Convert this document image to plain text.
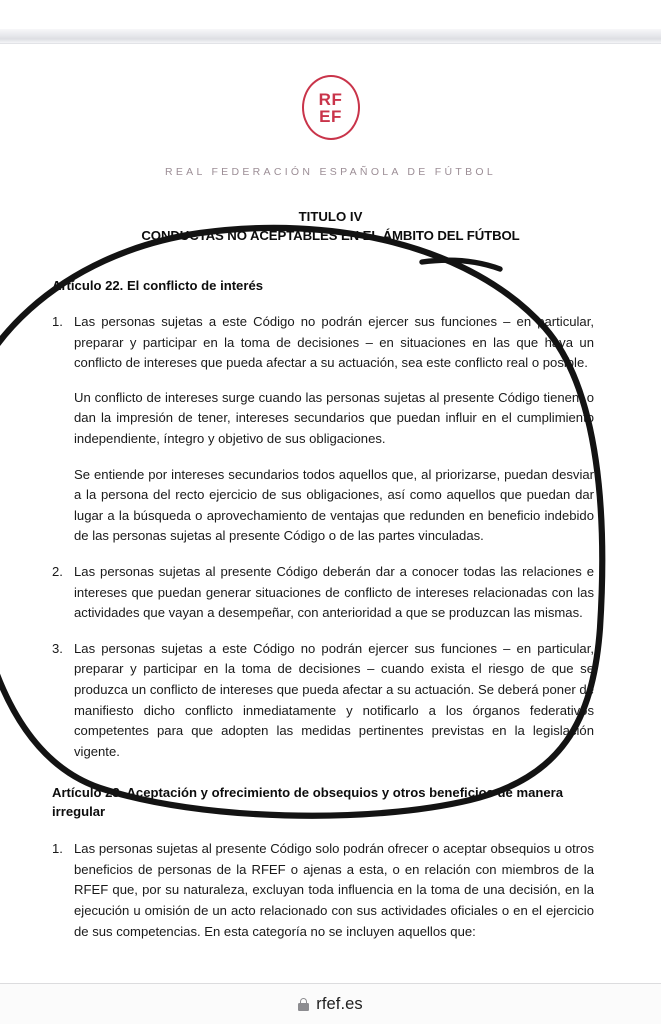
RF
EF
REAL FEDERACIÓN ESPAÑOLA DE FÚTBOL
TITULO IV
CONDUCTAS NO ACEPTABLES EN EL ÁMBITO DEL FÚTBOL
Artículo 22. El conflicto de interés
1. Las personas sujetas a este Código no podrán ejercer sus funciones – en particular, preparar y participar en la toma de decisiones – en situaciones en las que haya un conflicto de intereses que pueda afectar a su actuación, sea este conflicto real o posible.
Un conflicto de intereses surge cuando las personas sujetas al presente Código tienen, o dan la impresión de tener, intereses secundarios que puedan influir en el cumplimiento independiente, íntegro y objetivo de sus obligaciones.
Se entiende por intereses secundarios todos aquellos que, al priorizarse, puedan desviar a la persona del recto ejercicio de sus obligaciones, así como aquellos que puedan dar lugar a la búsqueda o aprovechamiento de ventajas que redunden en beneficio indebido de las personas sujetas al presente Código o de las partes vinculadas.
2. Las personas sujetas al presente Código deberán dar a conocer todas las relaciones e intereses que puedan generar situaciones de conflicto de intereses relacionadas con las actividades que vayan a desempeñar, con anterioridad a que se produzcan las mismas.
3. Las personas sujetas a este Código no podrán ejercer sus funciones – en particular, preparar y participar en la toma de decisiones – cuando exista el riesgo de que se produzca un conflicto de intereses que pueda afectar a su actuación. Se deberá poner de manifiesto dicho conflicto inmediatamente y notificarlo a los órganos federativos competentes para que adopten las medidas pertinentes previstas en la legislación vigente.
Artículo 23. Aceptación y ofrecimiento de obsequios y otros beneficios de manera irregular
1. Las personas sujetas al presente Código solo podrán ofrecer o aceptar obsequios u otros beneficios de personas de la RFEF o ajenas a esta, o en relación con miembros de la RFEF que, por su naturaleza, excluyan toda influencia en la toma de una decisión, en la ejecución u omisión de un acto relacionado con sus actividades oficiales o en el ejercicio de sus competencias. En esta categoría no se incluyen aquellos que:
rfef.es
